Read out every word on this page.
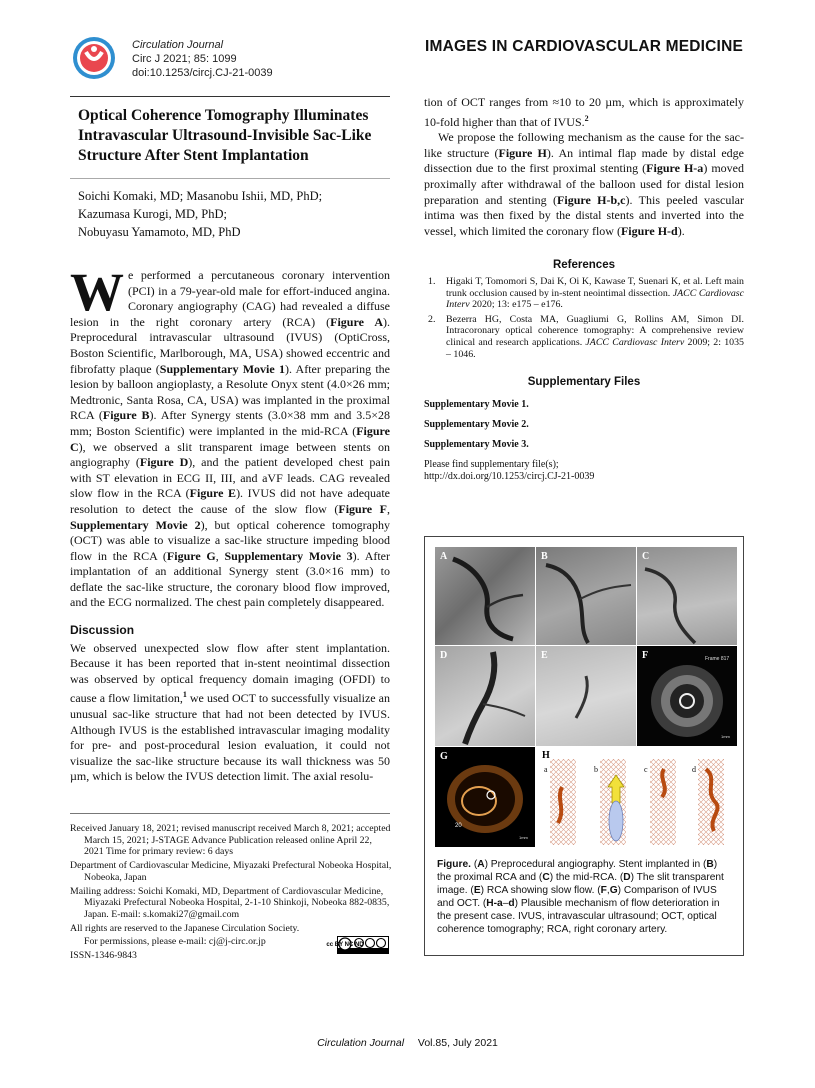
Circulation Journal
Circ J 2021; 85: 1099
doi:10.1253/circj.CJ-21-0039
IMAGES IN CARDIOVASCULAR MEDICINE
Optical Coherence Tomography Illuminates Intravascular Ultrasound-Invisible Sac-Like Structure After Stent Implantation
Soichi Komaki, MD; Masanobu Ishii, MD, PhD;
Kazumasa Kurogi, MD, PhD;
Nobuyasu Yamamoto, MD, PhD

We performed a percutaneous coronary intervention (PCI) in a 79-year-old male for effort-induced angina. Coronary angiography (CAG) had revealed a diffuse lesion in the right coronary artery (RCA) (Figure A). Preprocedural intravascular ultrasound (IVUS) (OptiCross, Boston Scientific, Marlborough, MA, USA) showed eccentric and fibrofatty plaque (Supplementary Movie 1). After preparing the lesion by balloon angioplasty, a Resolute Onyx stent (4.0×26 mm; Medtronic, Santa Rosa, CA, USA) was implanted in the proximal RCA (Figure B). After Synergy stents (3.0×38 mm and 3.5×28 mm; Boston Scientific) were implanted in the mid-RCA (Figure C), we observed a slit transparent image between stents on angiography (Figure D), and the patient developed chest pain with ST elevation in ECG II, III, and aVF leads. CAG revealed slow flow in the RCA (Figure E). IVUS did not have adequate resolution to detect the cause of the slow flow (Figure F, Supplementary Movie 2), but optical coherence tomography (OCT) was able to visualize a sac-like structure impeding blood flow in the RCA (Figure G, Supplementary Movie 3). After implantation of an additional Synergy stent (3.0×16 mm) to deflate the sac-like structure, the coronary blood flow improved, and the ECG normalized. The chest pain completely disappeared.

Discussion

We observed unexpected slow flow after stent implantation. Because it has been reported that in-stent neointimal dissection was observed by optical frequency domain imaging (OFDI) to cause a flow limitation,$^1$ we used OCT to successfully visualize an unusual sac-like structure that had not been detected by IVUS. Although IVUS is the established intravascular imaging modality for pre- and post-procedural lesion evaluation, it could not visualize the sac-like structure because its wall thickness was 50 µm, which is below the IVUS detection limit. The axial resolu-

Received January 18, 2021; revised manuscript received March 8, 2021; accepted March 15, 2021; J-STAGE Advance Publication released online April 22, 2021 Time for primary review: 6 days
Department of Cardiovascular Medicine, Miyazaki Prefectural Nobeoka Hospital, Nobeoka, Japan
Mailing address: Soichi Komaki, MD, Department of Cardiovascular Medicine, Miyazaki Prefectural Nobeoka Hospital, 2-1-10 Shinkoji, Nobeoka 882-0835, Japan. E-mail: s.komaki27@gmail.com
All rights are reserved to the Japanese Circulation Society.
For permissions, please e-mail: cj@j-circ.or.jp
ISSN-1346-9843
cc BY NC ND

tion of OCT ranges from ≈10 to 20 µm, which is approximately 10-fold higher than that of IVUS.$^2$

We propose the following mechanism as the cause for the sac-like structure (Figure H). An intimal flap made by distal edge dissection due to the first proximal stenting (Figure H-a) moved proximally after withdrawal of the balloon used for distal lesion preparation and stenting (Figure H-b,c). This peeled vascular intima was then fixed by the distal stents and inverted into the vessel, which limited the coronary flow (Figure H-d).

References
1.	Higaki T, Tomomori S, Dai K, Oi K, Kawase T, Suenari K, et al. Left main trunk occlusion caused by in-stent neointimal dissection. JACC Cardiovasc Interv 2020; 13: e175 – e176.
2.	Bezerra HG, Costa MA, Guagliumi G, Rollins AM, Simon DI. Intracoronary optical coherence tomography: A comprehensive review clinical and research applications. JACC Cardiovasc Interv 2009; 2: 1035 – 1046.
Supplementary Files
Supplementary Movie 1.
Supplementary Movie 2.
Supplementary Movie 3.
Please find supplementary file(s);
http://dx.doi.org/10.1253/circj.CJ-21-0039
A	B	C
D	E	Frame 817
1mm
F
20
1mm
G	H
a	b	c	d
Figure. (A) Preprocedural angiography. Stent implanted in (B) the proximal RCA and (C) the mid-RCA. (D) The slit transparent image. (E) RCA showing slow flow. (F,G) Comparison of IVUS and OCT. (H-a–d) Plausible mechanism of flow deterioration in the present case. IVUS, intravascular ultrasound; OCT, optical coherence tomography; RCA, right coronary artery.
Circulation Journal Vol.85, July 2021
